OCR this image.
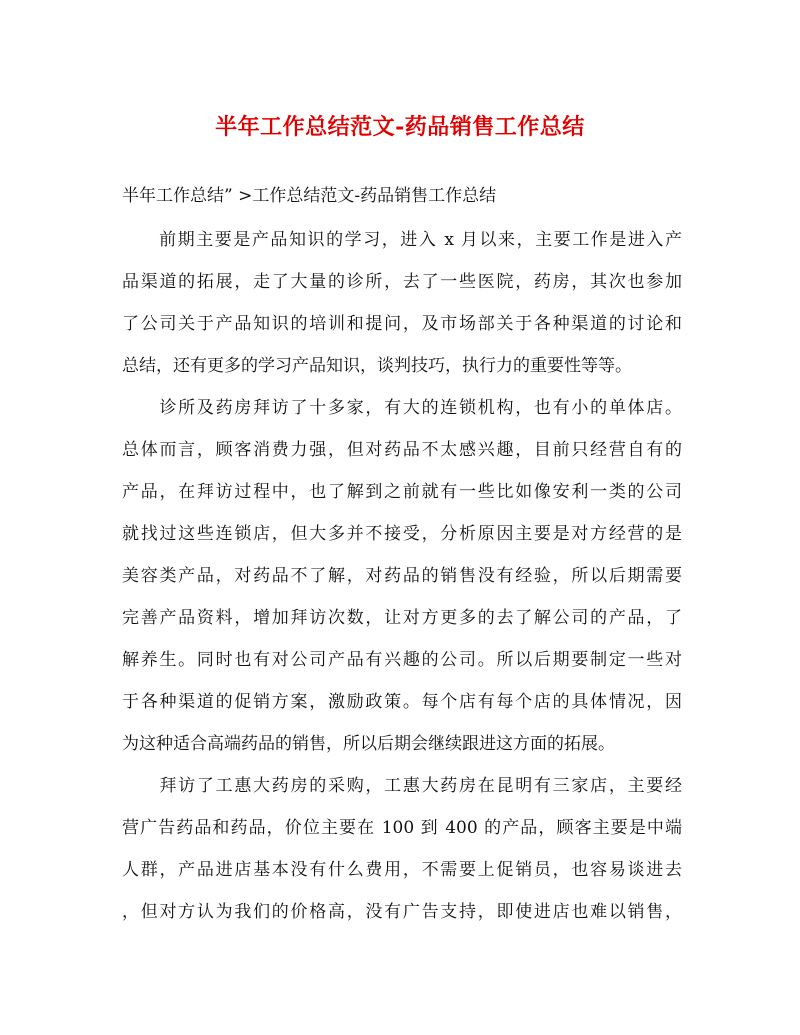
半年工作总结范文-药品销售工作总结
半年工作总结” >工作总结范文-药品销售工作总结
　　前期主要是产品知识的学习，进入 x 月以来，主要工作是进入产
品渠道的拓展，走了大量的诊所，去了一些医院，药房，其次也参加
了公司关于产品知识的培训和提问，及市场部关于各种渠道的讨论和
总结，还有更多的学习产品知识，谈判技巧，执行力的重要性等等。
　　诊所及药房拜访了十多家，有大的连锁机构，也有小的单体店。
总体而言，顾客消费力强，但对药品不太感兴趣，目前只经营自有的
产品，在拜访过程中，也了解到之前就有一些比如像安利一类的公司
就找过这些连锁店，但大多并不接受，分析原因主要是对方经营的是
美容类产品，对药品不了解，对药品的销售没有经验，所以后期需要
完善产品资料，增加拜访次数，让对方更多的去了解公司的产品，了
解养生。同时也有对公司产品有兴趣的公司。所以后期要制定一些对
于各种渠道的促销方案，激励政策。每个店有每个店的具体情况，因
为这种适合高端药品的销售，所以后期会继续跟进这方面的拓展。
　　拜访了工惠大药房的采购，工惠大药房在昆明有三家店，主要经
营广告药品和药品，价位主要在 100 到 400 的产品，顾客主要是中端
人群，产品进店基本没有什么费用，不需要上促销员，也容易谈进去
，但对方认为我们的价格高，没有广告支持，即使进店也难以销售，
